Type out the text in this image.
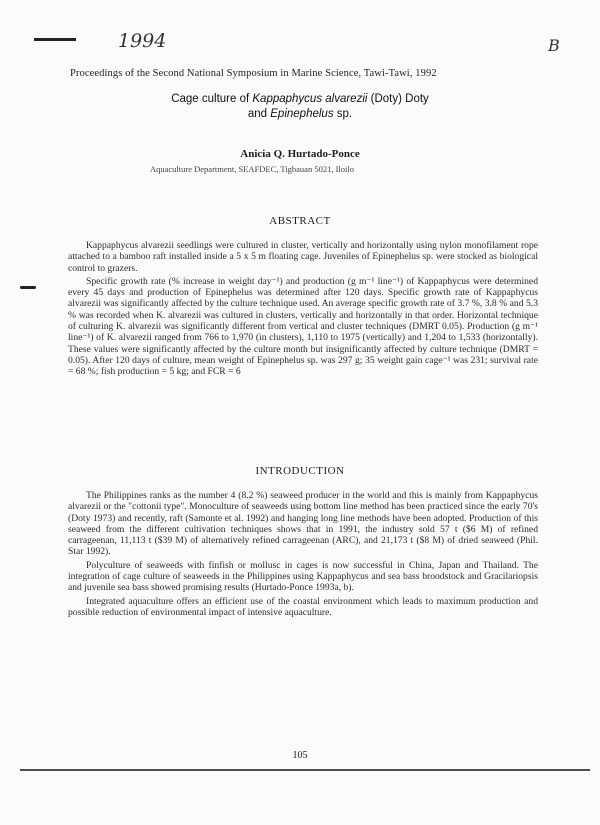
1994	B
Proceedings of the Second National Symposium in Marine Science, Tawi-Tawi, 1992
Cage culture of Kappaphycus alvarezii (Doty) Doty
and Epinephelus sp.
Anicia Q. Hurtado-Ponce
Aquaculture Department, SEAFDEC, Tigbauan 5021, Iloilo
ABSTRACT

Kappaphycus alvarezii seedlings were cultured in cluster, vertically and horizontally using nylon monofilament rope attached to a bamboo raft installed inside a 5 x 5 m floating cage. Juveniles of Epinephelus sp. were stocked as biological control to grazers.

Specific growth rate (% increase in weight day⁻¹) and production (g m⁻¹ line⁻¹) of Kappaphycus were determined every 45 days and production of Epinephelus was determined after 120 days. Specific growth rate of Kappaphycus alvarezii was significantly affected by the culture technique used. An average specific growth rate of 3.7 %, 3.8 % and 5.3 % was recorded when K. alvarezii was cultured in clusters, vertically and horizontally in that order. Horizontal technique of culturing K. alvarezii was significantly different from vertical and cluster techniques (DMRT 0.05). Production (g m⁻¹ line⁻¹) of K. alvarezii ranged from 766 to 1,970 (in clusters), 1,110 to 1975 (vertically) and 1,204 to 1,533 (horizontally). These values were significantly affected by the culture month but insignificantly affected by culture technique (DMRT = 0.05). After 120 days of culture, mean weight of Epinephelus sp. was 297 g; 35 weight gain cage⁻¹ was 231; survival rate = 68 %; fish production = 5 kg; and FCR = 6

INTRODUCTION

The Philippines ranks as the number 4 (8.2 %) seaweed producer in the world and this is mainly from Kappaphycus alvarezii or the "cottonii type". Monoculture of seaweeds using bottom line method has been practiced since the early 70's (Doty 1973) and recently, raft (Samonte et al. 1992) and hanging long line methods have been adopted. Production of this seaweed from the different cultivation techniques shows that in 1991, the industry sold 57 t ($6 M) of refined carrageenan, 11,113 t ($39 M) of alternatively refined carrageenan (ARC), and 21,173 t ($8 M) of dried seaweed (Phil. Star 1992).

Polyculture of seaweeds with finfish or mollusc in cages is now successful in China, Japan and Thailand. The integration of cage culture of seaweeds in the Philippines using Kappaphycus and sea bass broodstock and Gracilariopsis and juvenile sea bass showed promising results (Hurtado-Ponce 1993a, b).

Integrated aquaculture offers an efficient use of the coastal environment which leads to maximum production and possible reduction of environmental impact of intensive aquaculture.

105
